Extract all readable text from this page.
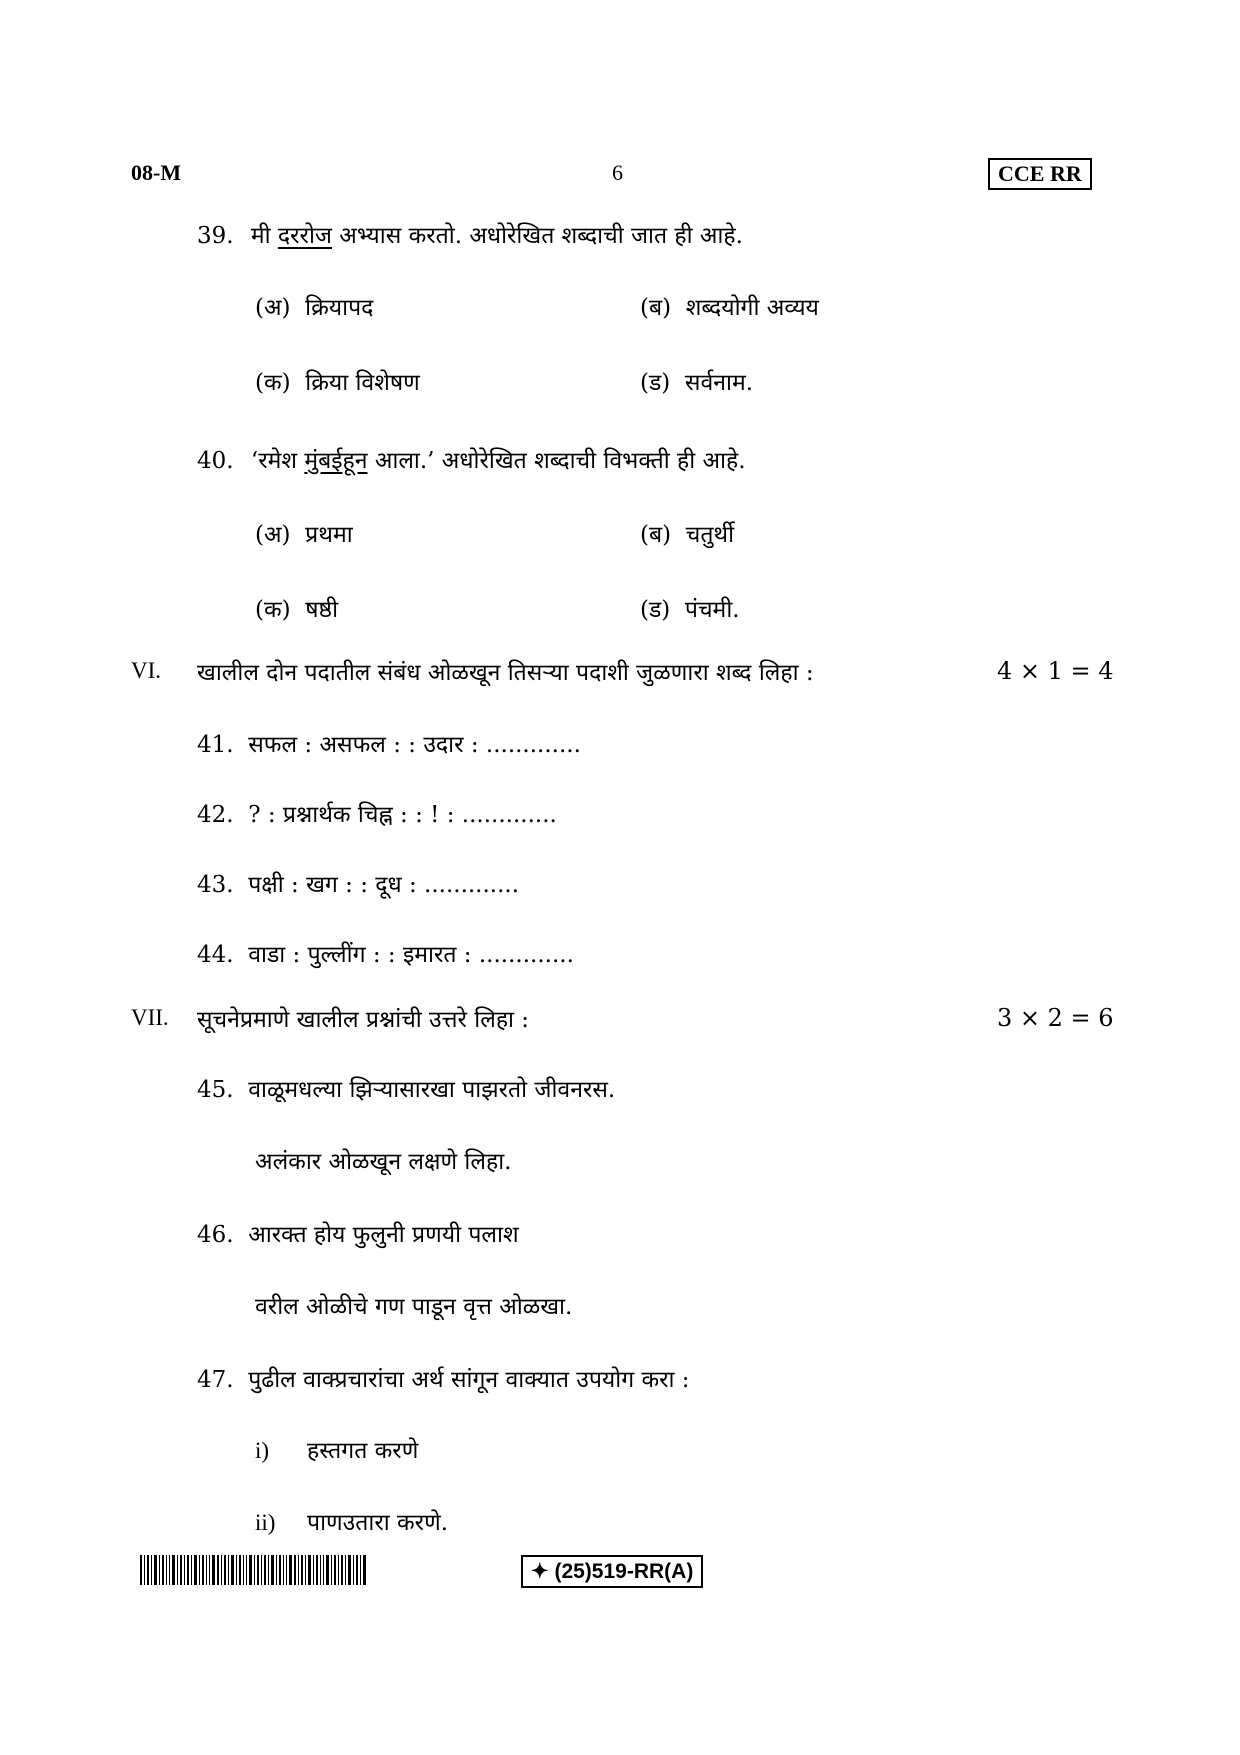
08-M	6	CCE RR
39. मी दररोज अभ्यास करतो. अधोरेखित शब्दाची जात ही आहे.
(अ) क्रियापद	(ब) शब्दयोगी अव्यय
(क) क्रिया विशेषण	(ड) सर्वनाम.
40. ‘रमेश मुंबईहून आला.’ अधोरेखित शब्दाची विभक्ती ही आहे.
(अ) प्रथमा	(ब) चतुर्थी
(क) षष्ठी	(ड) पंचमी.
VI. खालील दोन पदातील संबंध ओळखून तिसऱ्या पदाशी जुळणारा शब्द लिहा :	4 × 1 = 4
41. सफल : असफल : : उदार : .............
42. ? : प्रश्नार्थक चिह्न : : ! : .............
43. पक्षी : खग : : दूध : .............
44. वाडा : पुल्लींग : : इमारत : .............
VII. सूचनेप्रमाणे खालील प्रश्नांची उत्तरे लिहा :	3 × 2 = 6
45. वाळूमधल्या झिऱ्यासारखा पाझरतो जीवनरस.
अलंकार ओळखून लक्षणे लिहा.
46. आरक्त होय फुलुनी प्रणयी पलाश
वरील ओळीचे गण पाडून वृत्त ओळखा.
47. पुढील वाक्प्रचारांचा अर्थ सांगून वाक्यात उपयोग करा :
i) हस्तगत करणे
ii) पाणउतारा करणे.
✦ (25)519-RR(A)
